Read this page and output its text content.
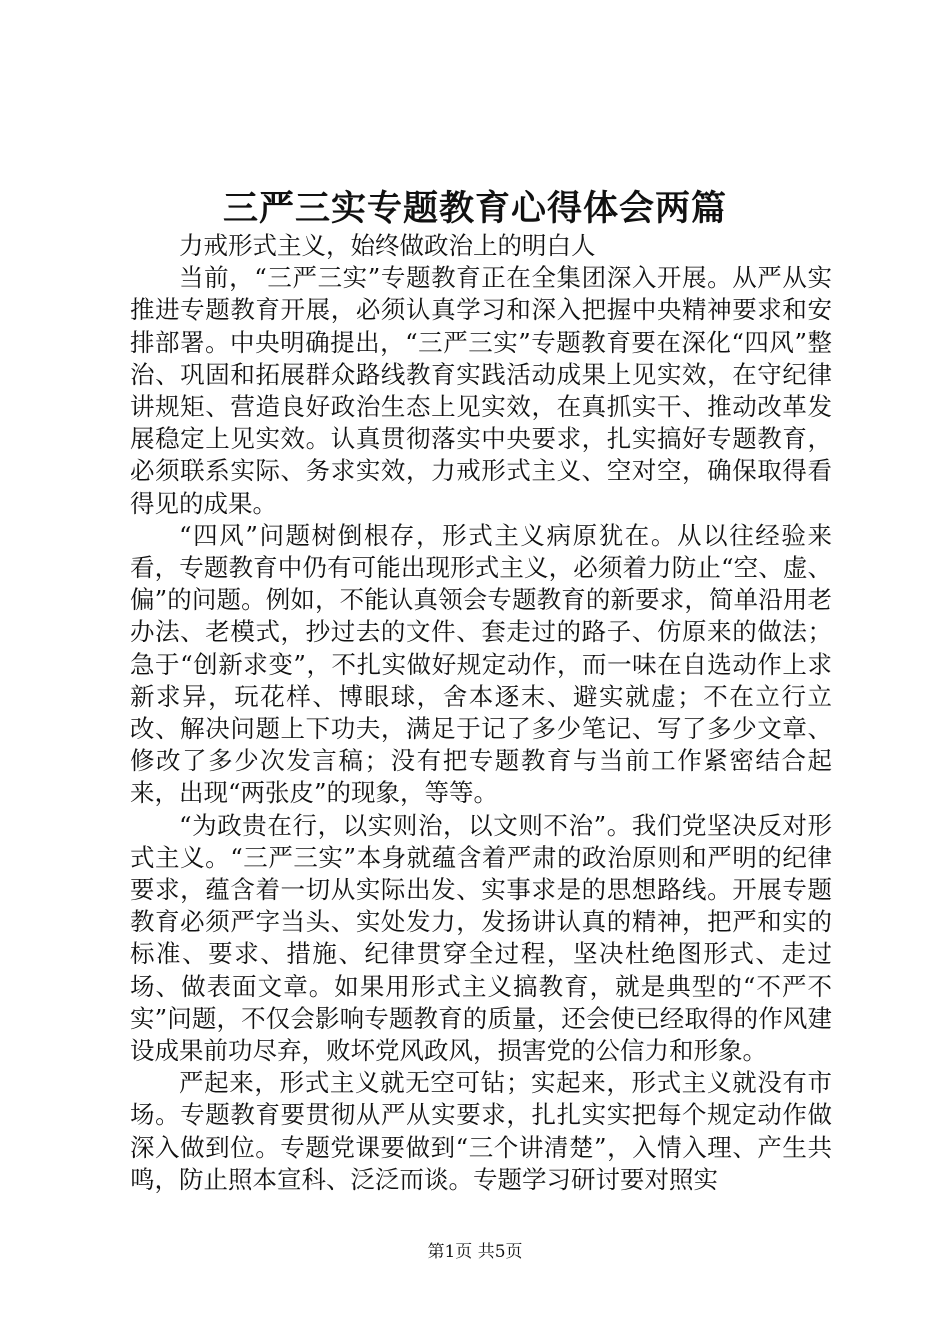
三严三实专题教育心得体会两篇

力戒形式主义，始终做政治上的明白人

当前，“三严三实”专题教育正在全集团深入开展。从严从实推进专题教育开展，必须认真学习和深入把握中央精神要求和安排部署。中央明确提出，“三严三实”专题教育要在深化“四风”整治、巩固和拓展群众路线教育实践活动成果上见实效，在守纪律讲规矩、营造良好政治生态上见实效，在真抓实干、推动改革发展稳定上见实效。认真贯彻落实中央要求，扎实搞好专题教育，必须联系实际、务求实效，力戒形式主义、空对空，确保取得看得见的成果。

“四风”问题树倒根存，形式主义病原犹在。从以往经验来看，专题教育中仍有可能出现形式主义，必须着力防止“空、虚、偏”的问题。例如，不能认真领会专题教育的新要求，简单沿用老办法、老模式，抄过去的文件、套走过的路子、仿原来的做法；急于“创新求变”，不扎实做好规定动作，而一味在自选动作上求新求异，玩花样、博眼球，舍本逐末、避实就虚；不在立行立改、解决问题上下功夫，满足于记了多少笔记、写了多少文章、修改了多少次发言稿；没有把专题教育与当前工作紧密结合起来，出现“两张皮”的现象，等等。

“为政贵在行，以实则治，以文则不治”。我们党坚决反对形式主义。“三严三实”本身就蕴含着严肃的政治原则和严明的纪律要求，蕴含着一切从实际出发、实事求是的思想路线。开展专题教育必须严字当头、实处发力，发扬讲认真的精神，把严和实的标准、要求、措施、纪律贯穿全过程，坚决杜绝图形式、走过场、做表面文章。如果用形式主义搞教育，就是典型的“不严不实”问题，不仅会影响专题教育的质量，还会使已经取得的作风建设成果前功尽弃，败坏党风政风，损害党的公信力和形象。

严起来，形式主义就无空可钻；实起来，形式主义就没有市场。专题教育要贯彻从严从实要求，扎扎实实把每个规定动作做深入做到位。专题党课要做到“三个讲清楚”，入情入理、产生共鸣，防止照本宣科、泛泛而谈。专题学习研讨要对照实

第1页 共5页
